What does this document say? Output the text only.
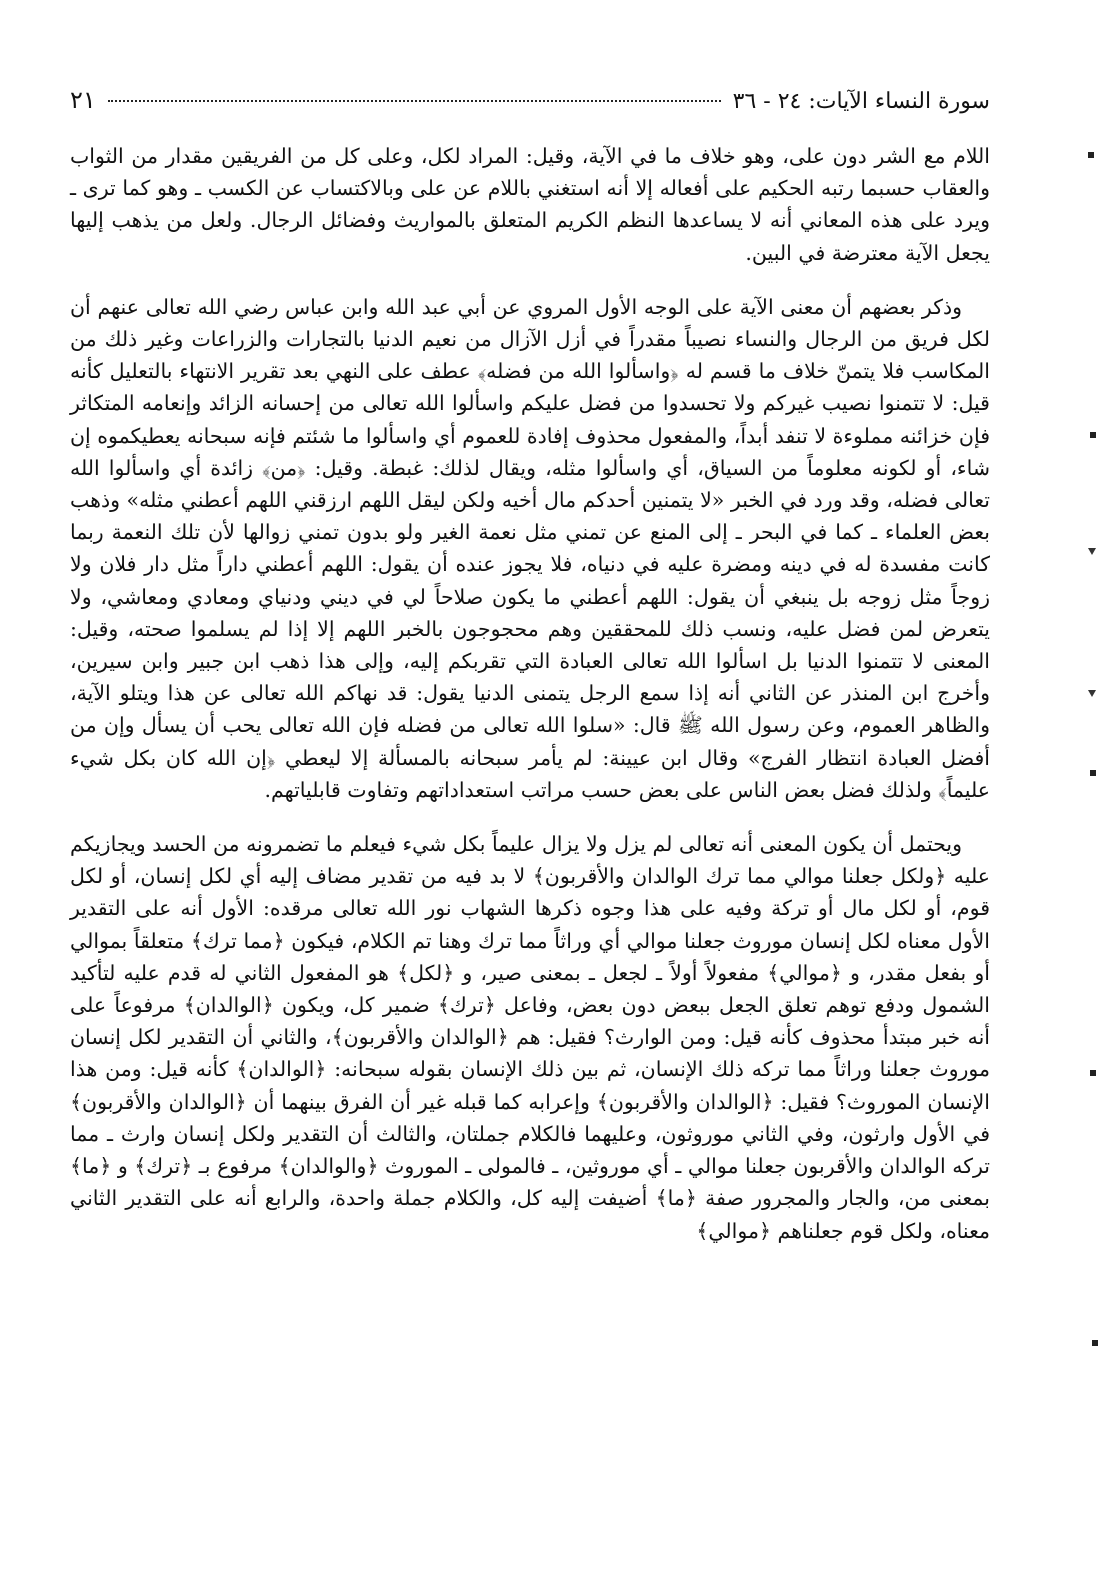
سورة النساء الآيات: ٢٤ - ٣٦
٢١

اللام مع الشر دون على، وهو خلاف ما في الآية، وقيل: المراد لكل، وعلى كل من الفريقين مقدار من الثواب والعقاب حسبما رتبه الحكيم على أفعاله إلا أنه استغني باللام عن على وبالاكتساب عن الكسب ـ وهو كما ترى ـ ويرد على هذه المعاني أنه لا يساعدها النظم الكريم المتعلق بالمواريث وفضائل الرجال. ولعل من يذهب إليها يجعل الآية معترضة في البين.

وذكر بعضهم أن معنى الآية على الوجه الأول المروي عن أبي عبد الله وابن عباس رضي الله تعالى عنهم أن لكل فريق من الرجال والنساء نصيباً مقدراً في أزل الآزال من نعيم الدنيا بالتجارات والزراعات وغير ذلك من المكاسب فلا يتمنّ خلاف ما قسم له ﴿واسألوا الله من فضله﴾ عطف على النهي بعد تقرير الانتهاء بالتعليل كأنه قيل: لا تتمنوا نصيب غيركم ولا تحسدوا من فضل عليكم واسألوا الله تعالى من إحسانه الزائد وإنعامه المتكاثر فإن خزائنه مملوءة لا تنفد أبداً، والمفعول محذوف إفادة للعموم أي واسألوا ما شئتم فإنه سبحانه يعطيكموه إن شاء، أو لكونه معلوماً من السياق، أي واسألوا مثله، ويقال لذلك: غبطة. وقيل: ﴿من﴾ زائدة أي واسألوا الله تعالى فضله، وقد ورد في الخبر «لا يتمنين أحدكم مال أخيه ولكن ليقل اللهم ارزقني اللهم أعطني مثله» وذهب بعض العلماء ـ كما في البحر ـ إلى المنع عن تمني مثل نعمة الغير ولو بدون تمني زوالها لأن تلك النعمة ربما كانت مفسدة له في دينه ومضرة عليه في دنياه، فلا يجوز عنده أن يقول: اللهم أعطني داراً مثل دار فلان ولا زوجاً مثل زوجه بل ينبغي أن يقول: اللهم أعطني ما يكون صلاحاً لي في ديني ودنياي ومعادي ومعاشي، ولا يتعرض لمن فضل عليه، ونسب ذلك للمحققين وهم محجوجون بالخبر اللهم إلا إذا لم يسلموا صحته، وقيل: المعنى لا تتمنوا الدنيا بل اسألوا الله تعالى العبادة التي تقربكم إليه، وإلى هذا ذهب ابن جبير وابن سيرين، وأخرج ابن المنذر عن الثاني أنه إذا سمع الرجل يتمنى الدنيا يقول: قد نهاكم الله تعالى عن هذا ويتلو الآية، والظاهر العموم، وعن رسول الله ﷺ قال: «سلوا الله تعالى من فضله فإن الله تعالى يحب أن يسأل وإن من أفضل العبادة انتظار الفرج» وقال ابن عيينة: لم يأمر سبحانه بالمسألة إلا ليعطي ﴿إن الله كان بكل شيء عليماً﴾ ولذلك فضل بعض الناس على بعض حسب مراتب استعداداتهم وتفاوت قابلياتهم.

ويحتمل أن يكون المعنى أنه تعالى لم يزل ولا يزال عليماً بكل شيء فيعلم ما تضمرونه من الحسد ويجازيكم عليه ﴿ولكل جعلنا موالي مما ترك الوالدان والأقربون﴾ لا بد فيه من تقدير مضاف إليه أي لكل إنسان، أو لكل قوم، أو لكل مال أو تركة وفيه على هذا وجوه ذكرها الشهاب نور الله تعالى مرقده: الأول أنه على التقدير الأول معناه لكل إنسان موروث جعلنا موالي أي وراثاً مما ترك وهنا تم الكلام، فيكون ﴿مما ترك﴾ متعلقاً بموالي أو بفعل مقدر، و ﴿موالي﴾ مفعولاً أولاً ـ لجعل ـ بمعنى صير، و ﴿لكل﴾ هو المفعول الثاني له قدم عليه لتأكيد الشمول ودفع توهم تعلق الجعل ببعض دون بعض، وفاعل ﴿ترك﴾ ضمير كل، ويكون ﴿الوالدان﴾ مرفوعاً على أنه خبر مبتدأ محذوف كأنه قيل: ومن الوارث؟ فقيل: هم ﴿الوالدان والأقربون﴾، والثاني أن التقدير لكل إنسان موروث جعلنا وراثاً مما تركه ذلك الإنسان، ثم بين ذلك الإنسان بقوله سبحانه: ﴿الوالدان﴾ كأنه قيل: ومن هذا الإنسان الموروث؟ فقيل: ﴿الوالدان والأقربون﴾ وإعرابه كما قبله غير أن الفرق بينهما أن ﴿الوالدان والأقربون﴾ في الأول وارثون، وفي الثاني موروثون، وعليهما فالكلام جملتان، والثالث أن التقدير ولكل إنسان وارث ـ مما تركه الوالدان والأقربون جعلنا موالي ـ أي موروثين، ـ فالمولى ـ الموروث ﴿والوالدان﴾ مرفوع بـ ﴿ترك﴾ و ﴿ما﴾ بمعنى من، والجار والمجرور صفة ﴿ما﴾ أضيفت إليه كل، والكلام جملة واحدة، والرابع أنه على التقدير الثاني معناه، ولكل قوم جعلناهم ﴿موالي﴾
